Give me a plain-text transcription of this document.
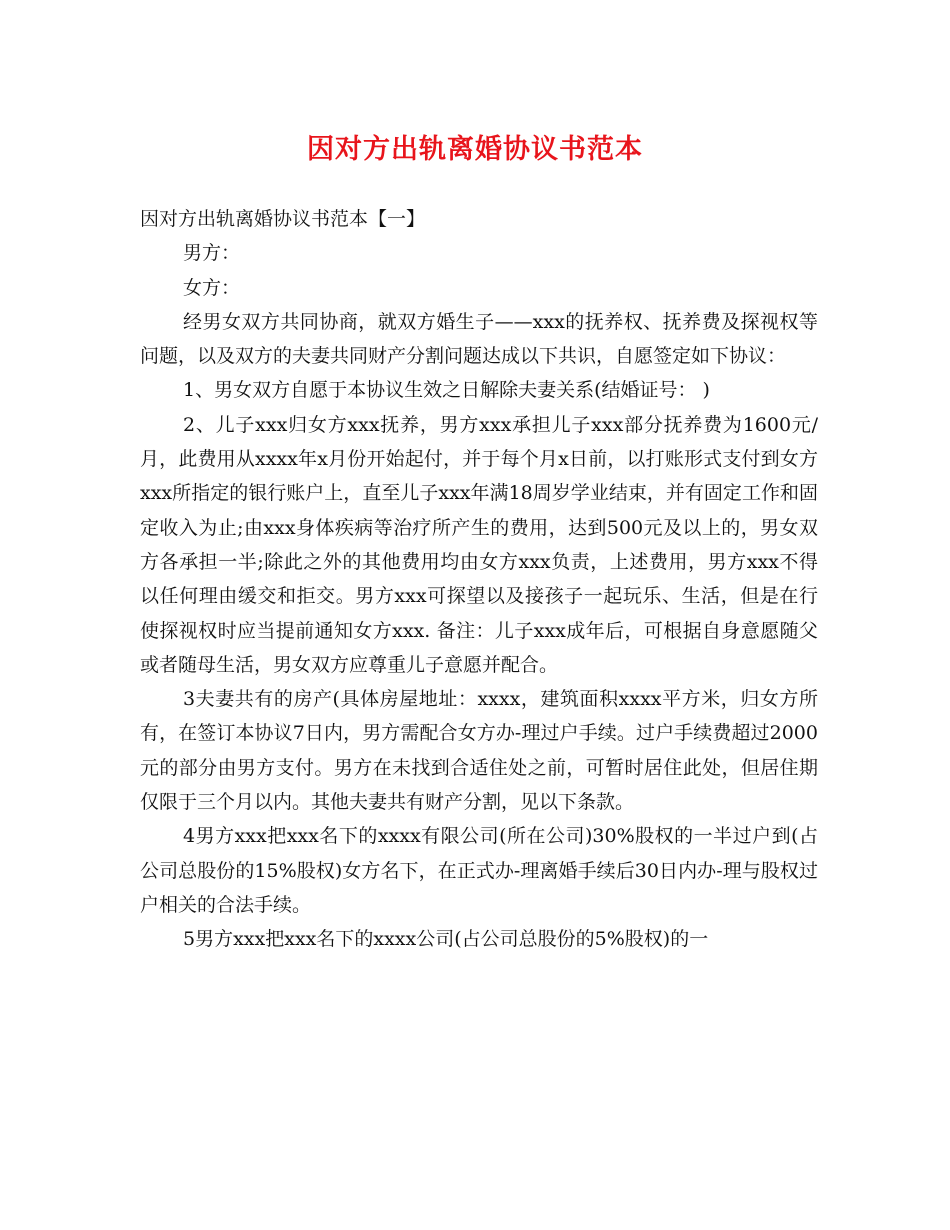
因对方出轨离婚协议书范本

因对方出轨离婚协议书范本【一】

男方：

女方：

经男女双方共同协商，就双方婚生子——xxx的抚养权、抚养费及探视权等问题，以及双方的夫妻共同财产分割问题达成以下共识，自愿签定如下协议：

1、男女双方自愿于本协议生效之日解除夫妻关系(结婚证号： )

2、儿子xxx归女方xxx抚养，男方xxx承担儿子xxx部分抚养费为1600元/月，此费用从xxxx年x月份开始起付，并于每个月x日前，以打账形式支付到女方xxx所指定的银行账户上，直至儿子xxx年满18周岁学业结束，并有固定工作和固定收入为止;由xxx身体疾病等治疗所产生的费用，达到500元及以上的，男女双方各承担一半;除此之外的其他费用均由女方xxx负责，上述费用，男方xxx不得以任何理由缓交和拒交。男方xxx可探望以及接孩子一起玩乐、生活，但是在行使探视权时应当提前通知女方xxx. 备注：儿子xxx成年后，可根据自身意愿随父或者随母生活，男女双方应尊重儿子意愿并配合。

3夫妻共有的房产(具体房屋地址：xxxx，建筑面积xxxx平方米，归女方所有，在签订本协议7日内，男方需配合女方办-理过户手续。过户手续费超过2000元的部分由男方支付。男方在未找到合适住处之前，可暂时居住此处，但居住期仅限于三个月以内。其他夫妻共有财产分割，见以下条款。

4男方xxx把xxx名下的xxxx有限公司(所在公司)30%股权的一半过户到(占公司总股份的15%股权)女方名下，在正式办-理离婚手续后30日内办-理与股权过户相关的合法手续。

5男方xxx把xxx名下的xxxx公司(占公司总股份的5%股权)的一
